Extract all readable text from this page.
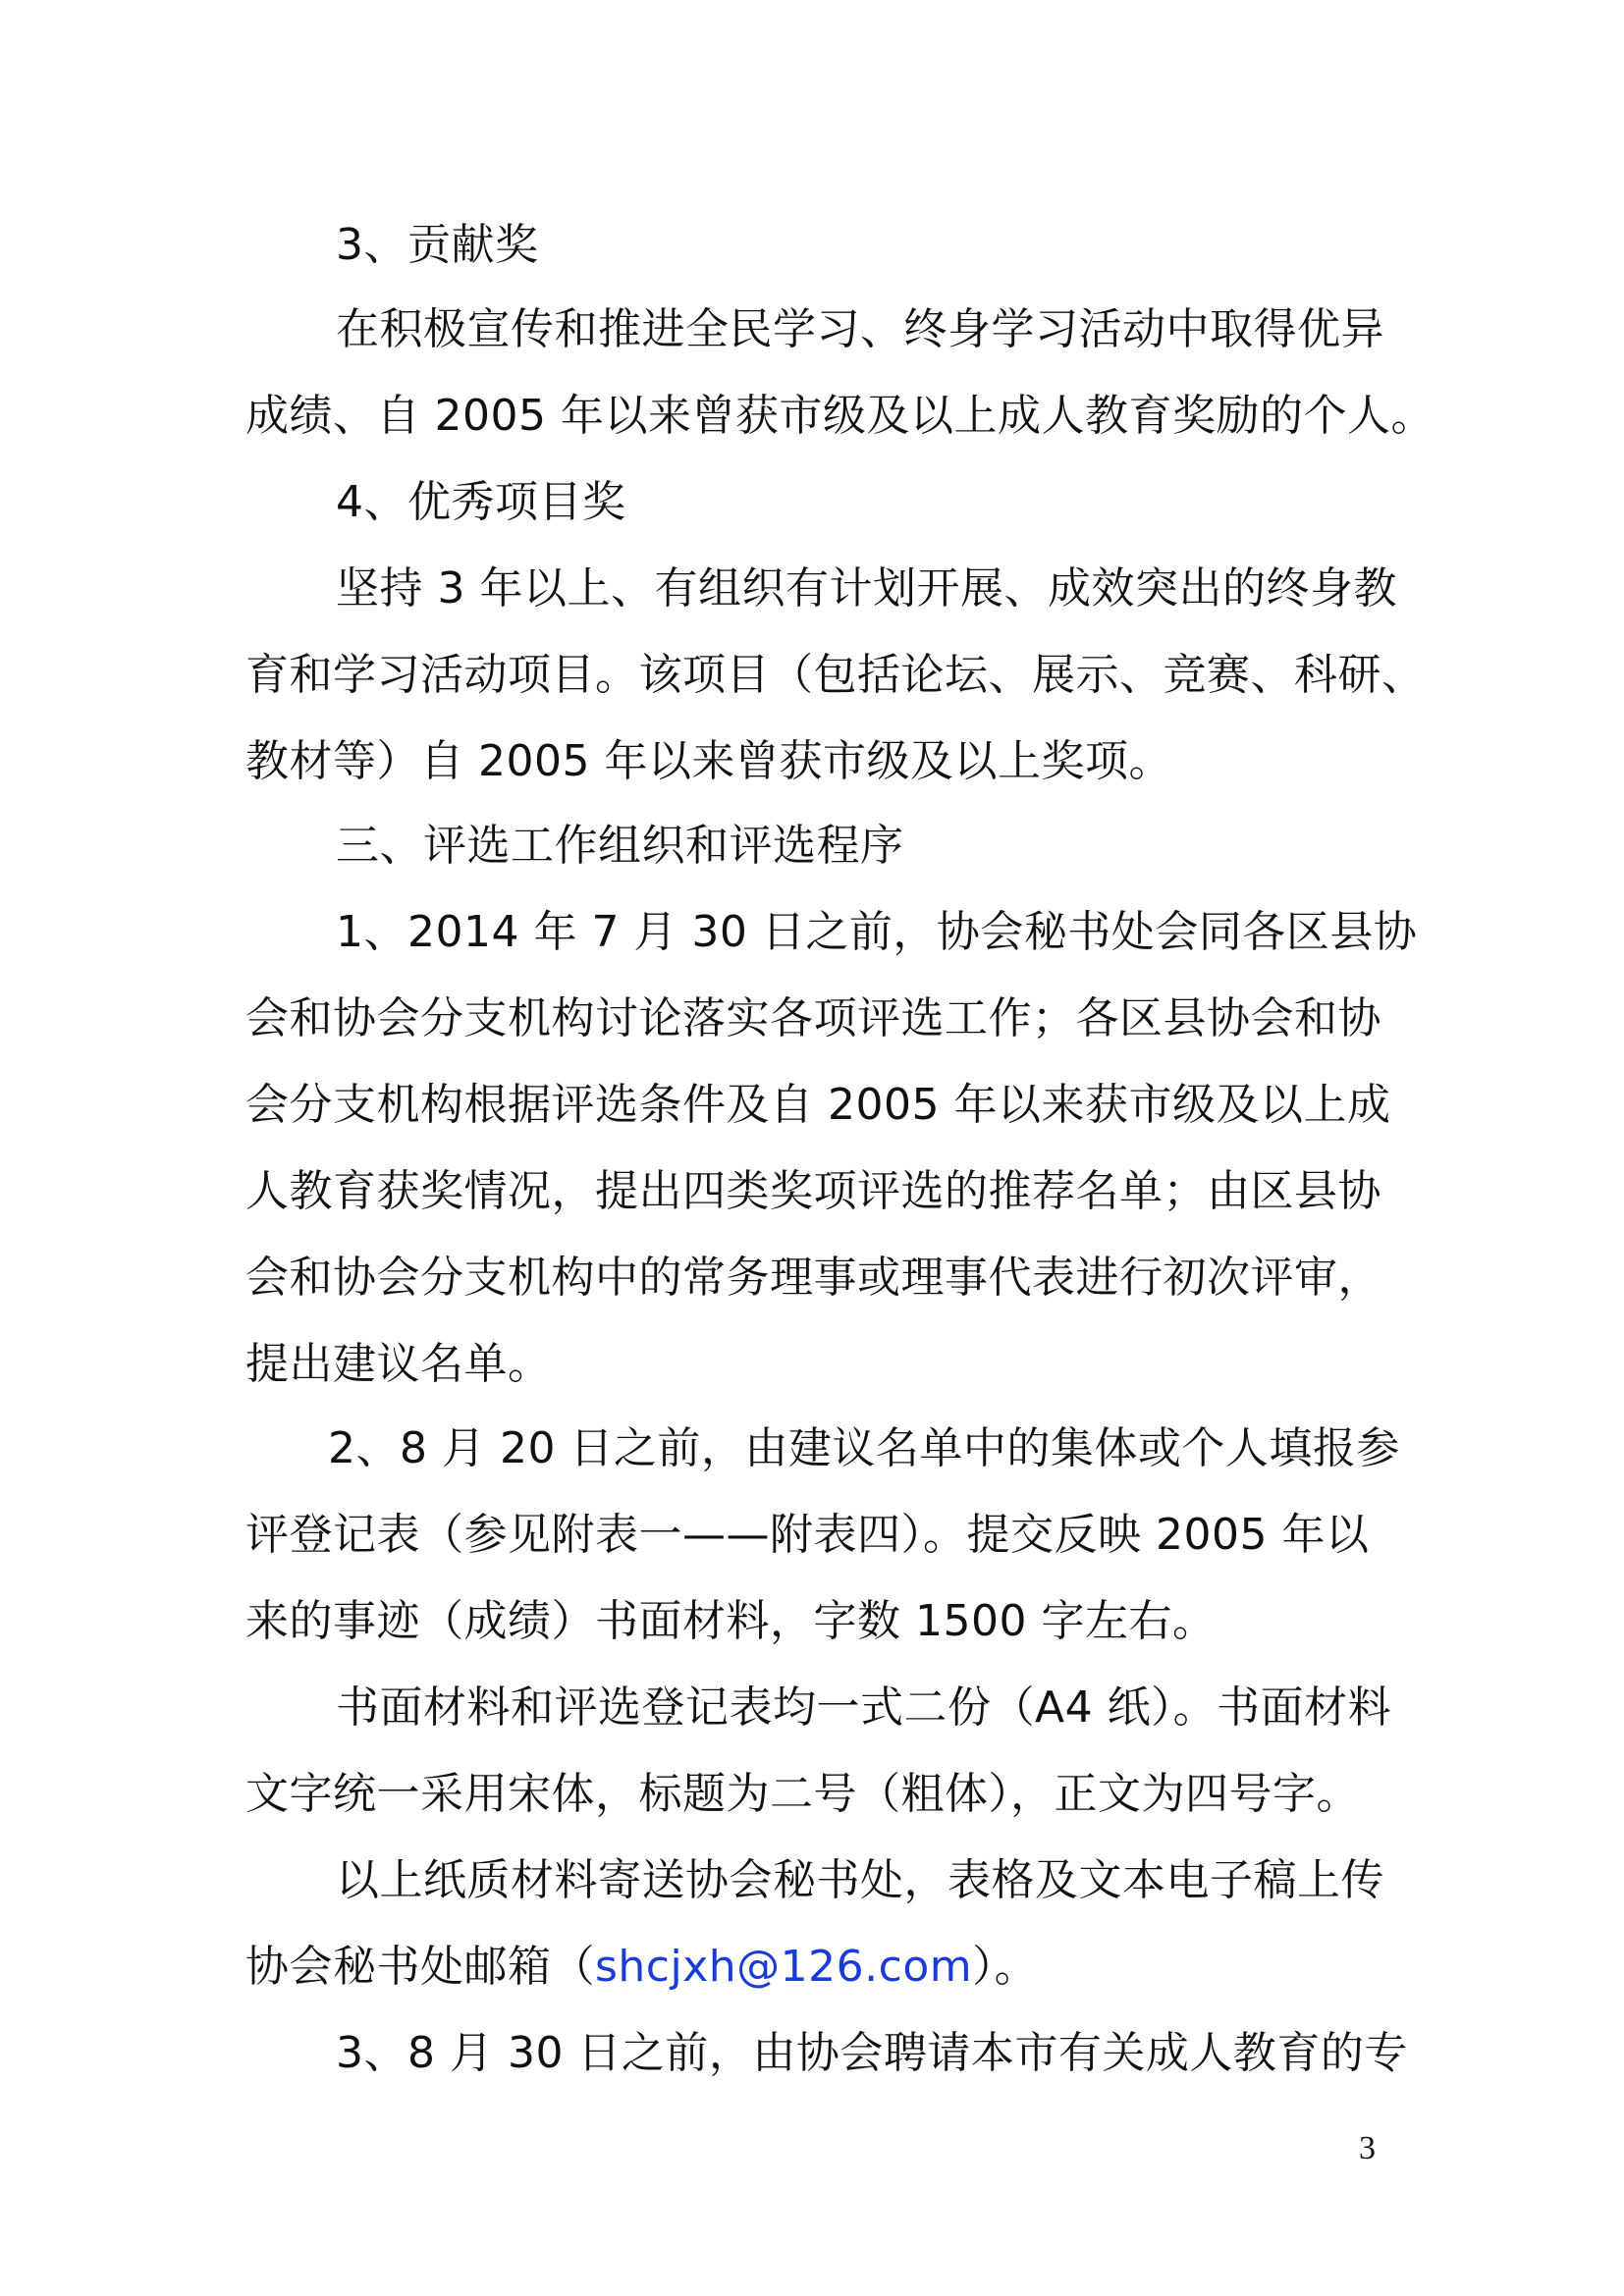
3、贡献奖
在积极宣传和推进全民学习、终身学习活动中取得优异
成绩、自 2005 年以来曾获市级及以上成人教育奖励的个人。
4、优秀项目奖
坚持 3 年以上、有组织有计划开展、成效突出的终身教
育和学习活动项目。该项目（包括论坛、展示、竞赛、科研、
教材等）自 2005 年以来曾获市级及以上奖项。
三、评选工作组织和评选程序
1、2014 年 7 月 30 日之前，协会秘书处会同各区县协
会和协会分支机构讨论落实各项评选工作；各区县协会和协
会分支机构根据评选条件及自 2005 年以来获市级及以上成
人教育获奖情况，提出四类奖项评选的推荐名单；由区县协
会和协会分支机构中的常务理事或理事代表进行初次评审，
提出建议名单。
2、8 月 20 日之前，由建议名单中的集体或个人填报参
评登记表（参见附表一——附表四）。提交反映 2005 年以
来的事迹（成绩）书面材料，字数 1500 字左右。
书面材料和评选登记表均一式二份（A4 纸）。书面材料
文字统一采用宋体，标题为二号（粗体），正文为四号字。
以上纸质材料寄送协会秘书处，表格及文本电子稿上传
协会秘书处邮箱（shcjxh@126.com）。
3、8 月 30 日之前，由协会聘请本市有关成人教育的专
3
